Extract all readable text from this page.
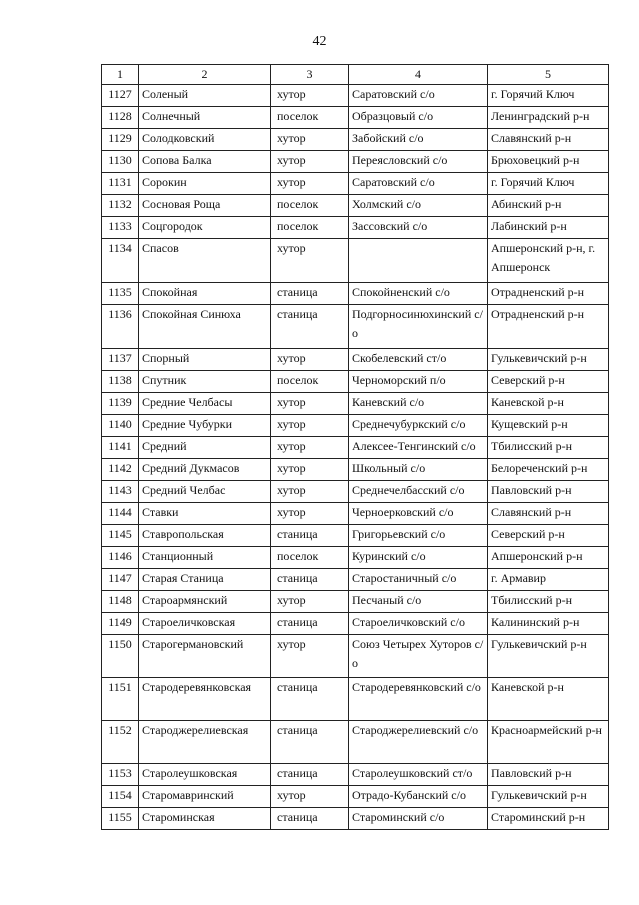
42
1	2	3	4	5
1127	Соленый	хутор	Саратовский с/о	г. Горячий Ключ
1128	Солнечный	поселок	Образцовый с/о	Ленинградский р-н
1129	Солодковский	хутор	Забойский с/о	Славянский р-н
1130	Сопова Балка	хутор	Переясловский с/о	Брюховецкий р-н
1131	Сорокин	хутор	Саратовский с/о	г. Горячий Ключ
1132	Сосновая Роща	поселок	Холмский с/о	Абинский р-н
1133	Соцгородок	поселок	Зассовский с/о	Лабинский р-н
1134	Спасов	хутор		Апшеронский р-н, г. Апшеронск
1135	Спокойная	станица	Спокойненский с/о	Отрадненский р-н
1136	Спокойная Синюха	станица	Подгорносинюхинский с/о	Отрадненский р-н
1137	Спорный	хутор	Скобелевский ст/о	Гулькевичский р-н
1138	Спутник	поселок	Черноморский п/о	Северский р-н
1139	Средние Челбасы	хутор	Каневский с/о	Каневской р-н
1140	Средние Чубурки	хутор	Среднечубуркский с/о	Кущевский р-н
1141	Средний	хутор	Алексее-Тенгинский с/о	Тбилисский р-н
1142	Средний Дукмасов	хутор	Школьный с/о	Белореченский р-н
1143	Средний Челбас	хутор	Среднечелбасский с/о	Павловский р-н
1144	Ставки	хутор	Черноерковский с/о	Славянский р-н
1145	Ставропольская	станица	Григорьевский с/о	Северский р-н
1146	Станционный	поселок	Куринский с/о	Апшеронский р-н
1147	Старая Станица	станица	Старостаничный с/о	г. Армавир
1148	Староармянский	хутор	Песчаный с/о	Тбилисский р-н
1149	Староеличковская	станица	Староеличковский с/о	Калининский р-н
1150	Старогермановский	хутор	Союз Четырех Хуторов с/о	Гулькевичский р-н
1151	Стародеревянковская	станица	Стародеревянковский с/о	Каневской р-н
1152	Староджерелиевская	станица	Староджерелиевский с/о	Красноармейский р-н
1153	Старолеушковская	станица	Старолеушковский ст/о	Павловский р-н
1154	Старомавринский	хутор	Отрадо-Кубанский с/о	Гулькевичский р-н
1155	Староминская	станица	Староминский с/о	Староминский р-н
